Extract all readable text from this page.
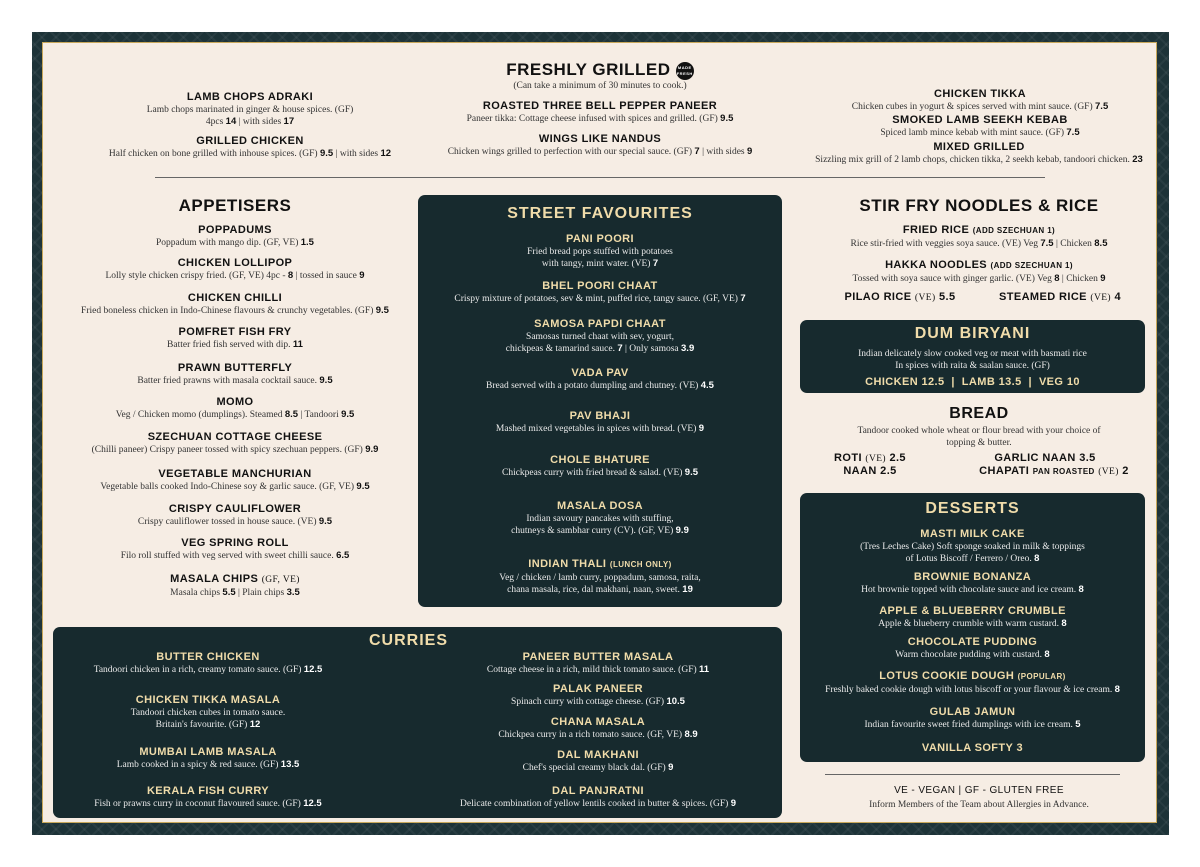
FRESHLY GRILLED MADE FRESH
(Can take a minimum of 30 minutes to cook.)
LAMB CHOPS ADRAKI
Lamb chops marinated in ginger & house spices. (GF)
4pcs 14 | with sides 17
GRILLED CHICKEN
Half chicken on bone grilled with inhouse spices. (GF) 9.5 | with sides 12
ROASTED THREE BELL PEPPER PANEER
Paneer tikka: Cottage cheese infused with spices and grilled. (GF) 9.5
WINGS LIKE NANDUS
Chicken wings grilled to perfection with our special sauce. (GF) 7 | with sides 9
CHICKEN TIKKA
Chicken cubes in yogurt & spices served with mint sauce. (GF) 7.5
SMOKED LAMB SEEKH KEBAB
Spiced lamb mince kebab with mint sauce. (GF) 7.5
MIXED GRILLED
Sizzling mix grill of 2 lamb chops, chicken tikka, 2 seekh kebab, tandoori chicken. 23
APPETISERS
POPPADUMS
Poppadum with mango dip. (GF, VE) 1.5
CHICKEN LOLLIPOP
Lolly style chicken crispy fried. (GF, VE) 4pc - 8 | tossed in sauce 9
CHICKEN CHILLI
Fried boneless chicken in Indo-Chinese flavours & crunchy vegetables. (GF) 9.5
POMFRET FISH FRY
Batter fried fish served with dip. 11
PRAWN BUTTERFLY
Batter fried prawns with masala cocktail sauce. 9.5
MOMO
Veg / Chicken momo (dumplings). Steamed 8.5 | Tandoori 9.5
SZECHUAN COTTAGE CHEESE
(Chilli paneer) Crispy paneer tossed with spicy szechuan peppers. (GF) 9.9
VEGETABLE MANCHURIAN
Vegetable balls cooked Indo-Chinese soy & garlic sauce. (GF, VE) 9.5
CRISPY CAULIFLOWER
Crispy cauliflower tossed in house sauce. (VE) 9.5
VEG SPRING ROLL
Filo roll stuffed with veg served with sweet chilli sauce. 6.5
MASALA CHIPS (GF, VE)
Masala chips 5.5 | Plain chips 3.5
STREET FAVOURITES
PANI POORI
Fried bread pops stuffed with potatoes
with tangy, mint water. (VE) 7
BHEL POORI CHAAT
Crispy mixture of potatoes, sev & mint, puffed rice, tangy sauce. (GF, VE) 7
SAMOSA PAPDI CHAAT
Samosas turned chaat with sev, yogurt,
chickpeas & tamarind sauce. 7 | Only samosa 3.9
VADA PAV
Bread served with a potato dumpling and chutney. (VE) 4.5
PAV BHAJI
Mashed mixed vegetables in spices with bread. (VE) 9
CHOLE BHATURE
Chickpeas curry with fried bread & salad. (VE) 9.5
MASALA DOSA
Indian savoury pancakes with stuffing,
chutneys & sambhar curry (CV). (GF, VE) 9.9
INDIAN THALI (LUNCH ONLY)
Veg / chicken / lamb curry, poppadum, samosa, raita,
chana masala, rice, dal makhani, naan, sweet. 19
STIR FRY NOODLES & RICE
FRIED RICE (ADD SZECHUAN 1)
Rice stir-fried with veggies soya sauce. (VE) Veg 7.5 | Chicken 8.5
HAKKA NOODLES (ADD SZECHUAN 1)
Tossed with soya sauce with ginger garlic. (VE) Veg 8 | Chicken 9
PILAO RICE (VE) 5.5	STEAMED RICE (VE) 4
DUM BIRYANI
Indian delicately slow cooked veg or meat with basmati rice
In spices with raita & saalan sauce. (GF)
CHICKEN 12.5  |  LAMB 13.5  |  VEG 10
BREAD
Tandoor cooked whole wheat or flour bread with your choice of
topping & butter.
ROTI (VE) 2.5	GARLIC NAAN 3.5
NAAN 2.5	CHAPATI PAN ROASTED (VE) 2
DESSERTS
MASTI MILK CAKE
(Tres Leches Cake) Soft sponge soaked in milk & toppings
of Lotus Biscoff / Ferrero / Oreo. 8
BROWNIE BONANZA
Hot brownie topped with chocolate sauce and ice cream. 8
APPLE & BLUEBERRY CRUMBLE
Apple & blueberry crumble with warm custard. 8
CHOCOLATE PUDDING
Warm chocolate pudding with custard. 8
LOTUS COOKIE DOUGH (POPULAR)
Freshly baked cookie dough with lotus biscoff or your flavour & ice cream. 8
GULAB JAMUN
Indian favourite sweet fried dumplings with ice cream. 5
VANILLA SOFTY 3
CURRIES
BUTTER CHICKEN
Tandoori chicken in a rich, creamy tomato sauce. (GF) 12.5
CHICKEN TIKKA MASALA
Tandoori chicken cubes in tomato sauce.
Britain's favourite. (GF) 12
MUMBAI LAMB MASALA
Lamb cooked in a spicy & red sauce. (GF) 13.5
KERALA FISH CURRY
Fish or prawns curry in coconut flavoured sauce. (GF) 12.5
PANEER BUTTER MASALA
Cottage cheese in a rich, mild thick tomato sauce. (GF) 11
PALAK PANEER
Spinach curry with cottage cheese. (GF) 10.5
CHANA MASALA
Chickpea curry in a rich tomato sauce. (GF, VE) 8.9
DAL MAKHANI
Chef's special creamy black dal. (GF) 9
DAL PANJRATNI
Delicate combination of yellow lentils cooked in butter & spices. (GF) 9
VE - VEGAN | GF - GLUTEN FREE
Inform Members of the Team about Allergies in Advance.
